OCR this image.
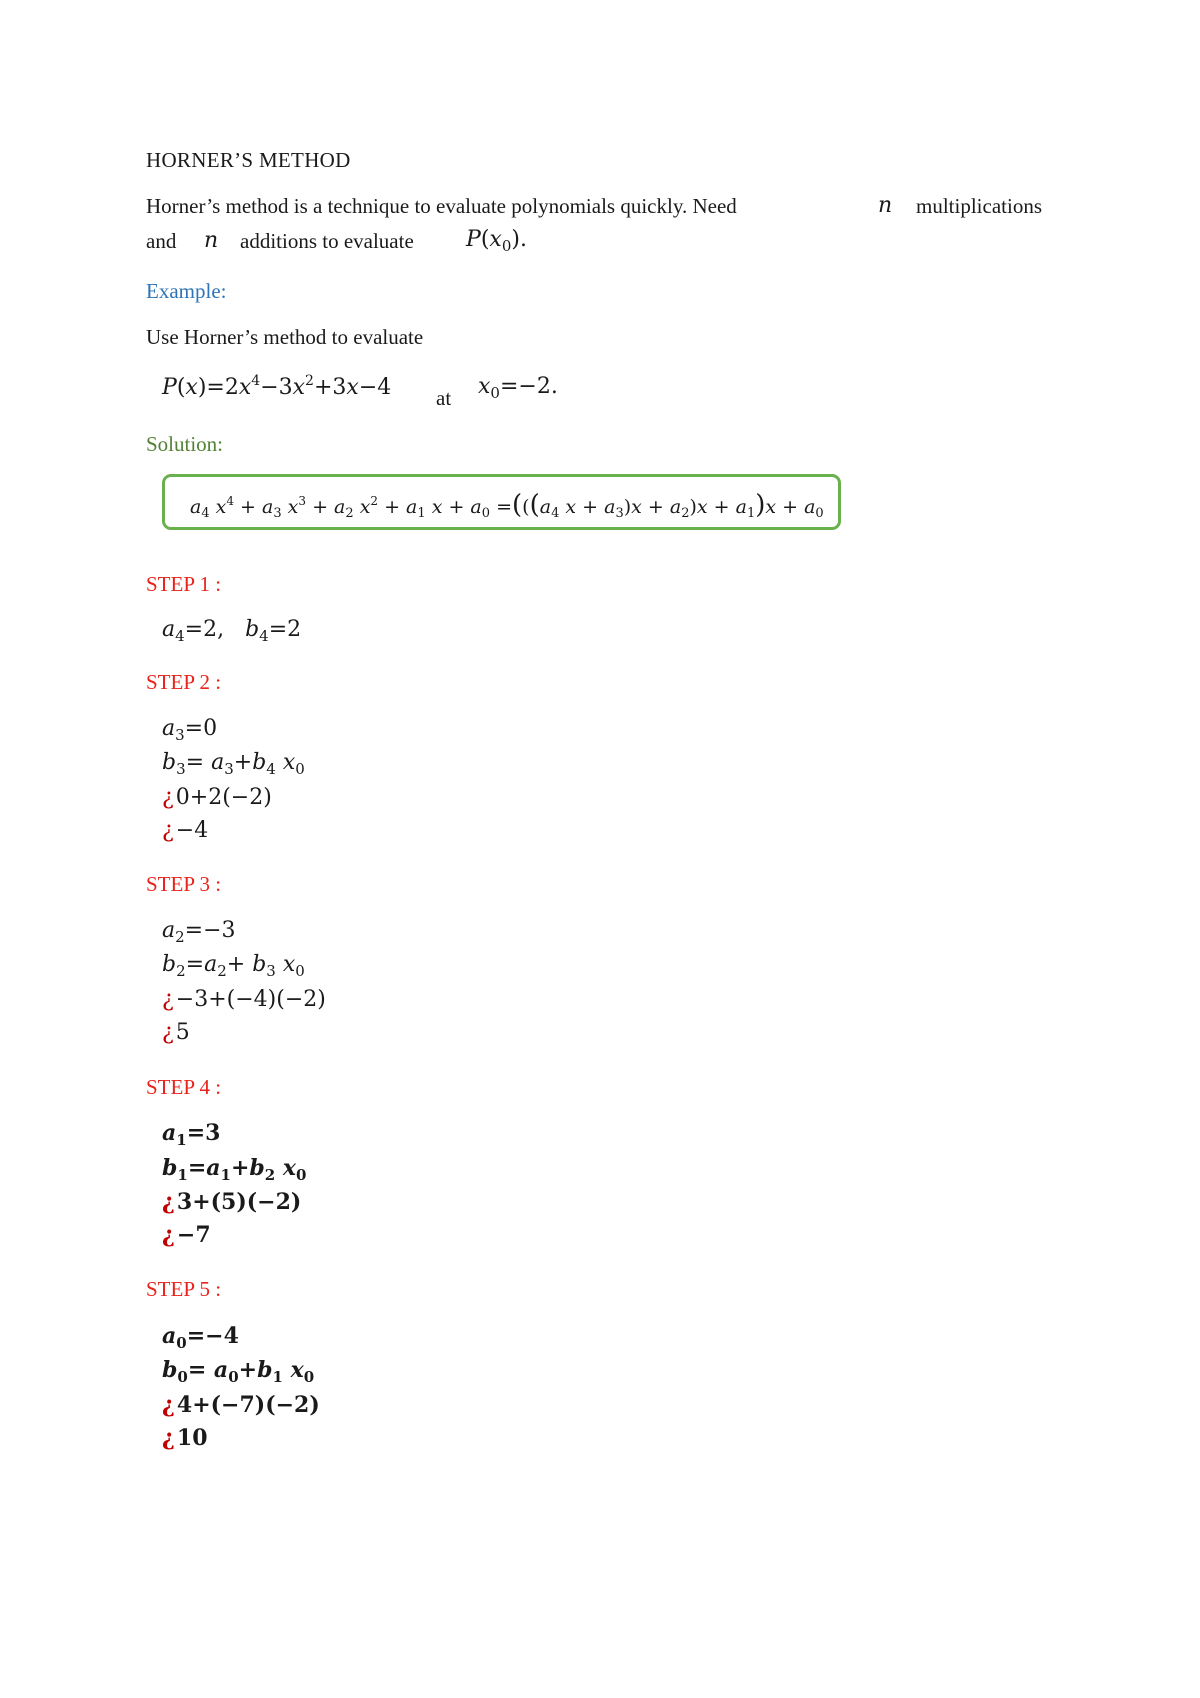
HORNER’S METHOD
Horner’s method is a technique to evaluate polynomials quickly. Need	n multiplications
and n additions to evaluate $P(x_0)$.
Example:
Use Horner’s method to evaluate
$P(x)=2x^4-3x^2+3x-4$ at $x_0=-2$.
Solution:
$a_4$ $x^4 + a_3$ $x^3 + a_2$ $x^2 + a_1$ $x + a_0 =(((a_4$ $x + a_3)x + a_2)x + a_1)x + a_0$
STEP 1 :
$a_4=2$,   $b_4=2$
STEP 2 :
$a_3=0$
$b_3= a_3+b_4$ $x_0$
¿0+2(−2)
¿−4
STEP 3 :
$a_2=-3$
$b_2=a_2+ b_3$ $x_0$
¿−3+(−4)(−2)
¿5
STEP 4 :
$a_1=3$
$b_1=a_1+b_2$ $x_0$
¿3+(5)(−2)
¿−7
STEP 5 :
$a_0=-4$
$b_0= a_0+b_1$ $x_0$
¿4+(−7)(−2)
¿10
